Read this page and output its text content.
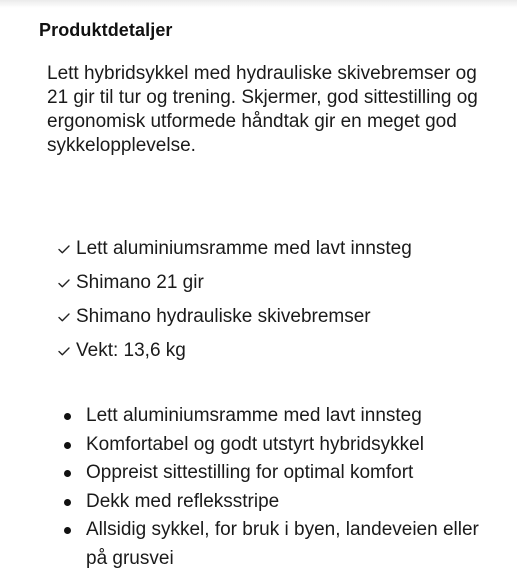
Produktdetaljer

Lett hybridsykkel med hydrauliske skivebremser og 21 gir til tur og trening. Skjermer, god sittestilling og ergonomisk utformede håndtak gir en meget god sykkelopplevelse.

Lett aluminiumsramme med lavt innsteg
Shimano 21 gir
Shimano hydrauliske skivebremser
Vekt: 13,6 kg
Lett aluminiumsramme med lavt innsteg
Komfortabel og godt utstyrt hybridsykkel
Oppreist sittestilling for optimal komfort
Dekk med refleksstripe
Allsidig sykkel, for bruk i byen, landeveien eller på grusvei
